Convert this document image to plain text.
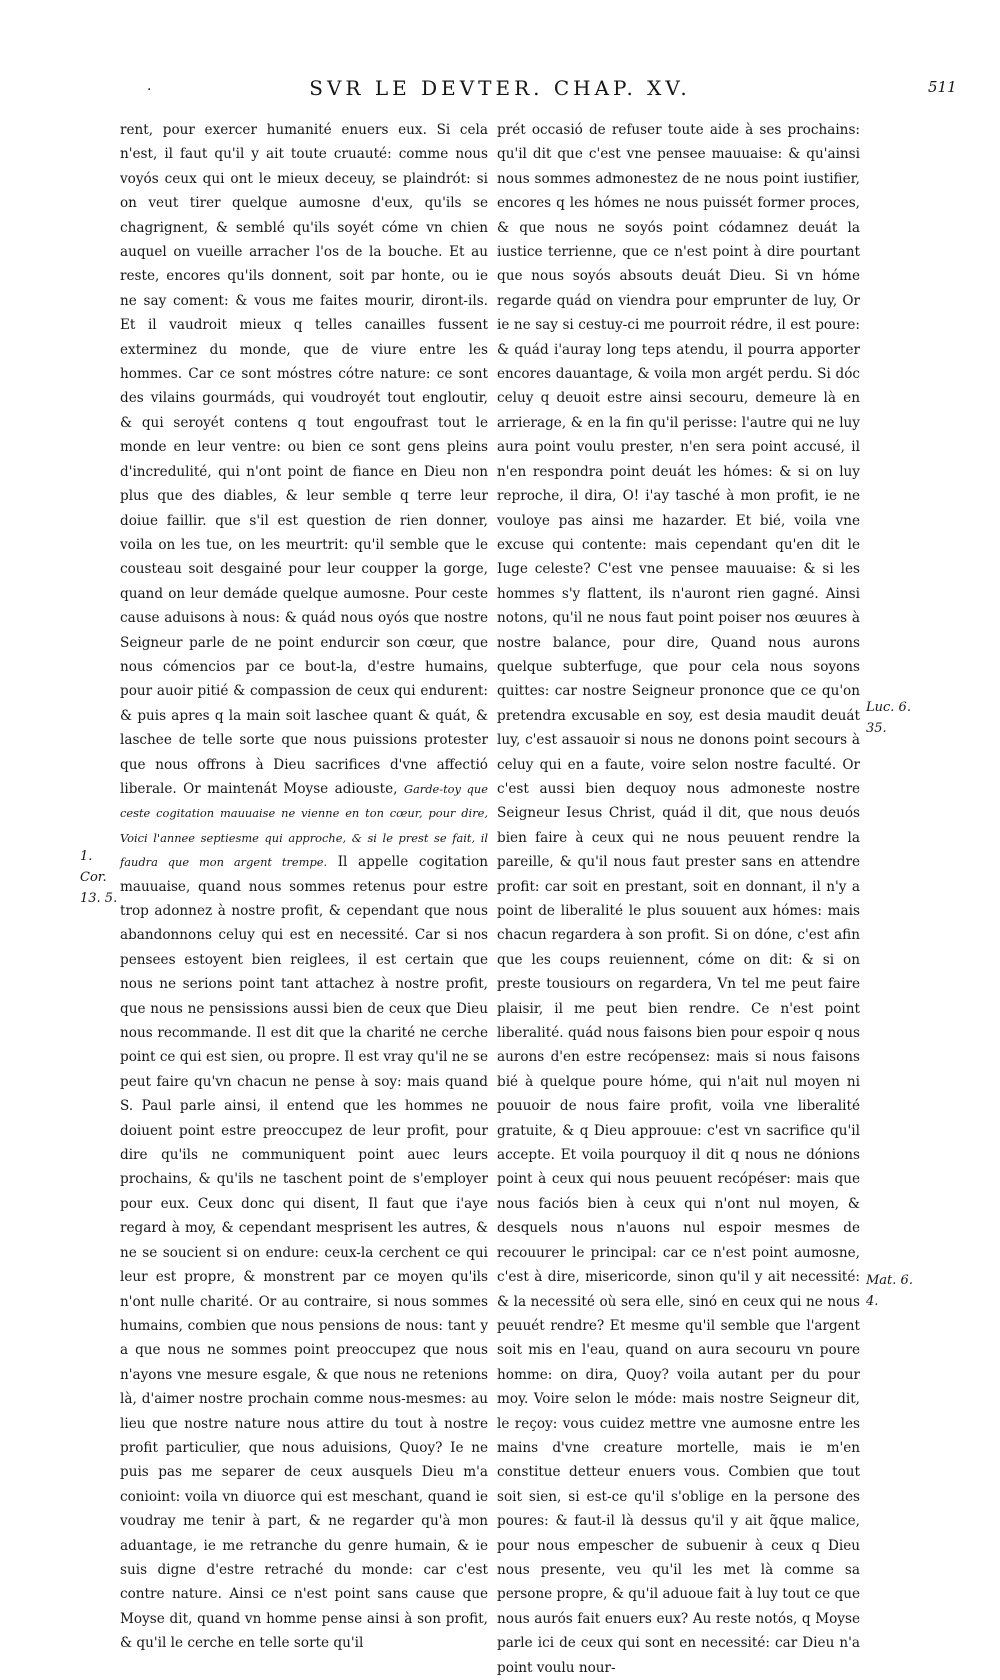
·	SVR LE DEVTER. CHAP. XV.	511

rent, pour exercer humanité enuers eux. Si cela n'est, il faut qu'il y ait toute cruauté: comme nous voyós ceux qui ont le mieux deceuy, se plaindrót: si on veut tirer quelque aumosne d'eux, qu'ils se chagrignent, & semblé qu'ils soyét cóme vn chien auquel on vueille arracher l'os de la bouche. Et au reste, encores qu'ils donnent, soit par honte, ou ie ne say coment: & vous me faites mourir, diront-ils. Et il vaudroit mieux q telles canailles fussent exterminez du monde, que de viure entre les hommes. Car ce sont móstres cótre nature: ce sont des vilains gourmáds, qui voudroyét tout engloutir, & qui seroyét contens q tout engoufrast tout le monde en leur ventre: ou bien ce sont gens pleins d'incredulité, qui n'ont point de fiance en Dieu non plus que des diables, & leur semble q terre leur doiue faillir. que s'il est question de rien donner, voila on les tue, on les meurtrit: qu'il semble que le cousteau soit desgainé pour leur coupper la gorge, quand on leur demáde quelque aumosne. Pour ceste cause aduisons à nous: & quád nous oyós que nostre Seigneur parle de ne point endurcir son cœur, que nous cómencios par ce bout-la, d'estre humains, pour auoir pitié & compassion de ceux qui endurent: & puis apres q la main soit laschee quant & quát, & laschee de telle sorte que nous puissions protester que nous offrons à Dieu sacrifices d'vne affectió liberale. Or maintenát Moyse adiouste, Garde-toy que ceste cogitation mauuaise ne vienne en ton cœur, pour dire, Voici l'annee septiesme qui approche, & si le prest se fait, il faudra que mon argent trempe. Il appelle cogitation mauuaise, quand nous sommes retenus pour estre trop adonnez à nostre profit, & cependant que nous abandonnons celuy qui est en necessité. Car si nos pensees estoyent bien reiglees, il est certain que nous ne serions point tant attachez à nostre profit, que nous ne pensissions aussi bien de ceux que Dieu nous recommande. Il est dit que la charité ne cerche point ce qui est sien, ou propre. Il est vray qu'il ne se peut faire qu'vn chacun ne pense à soy: mais quand S. Paul parle ainsi, il entend que les hommes ne doiuent point estre preoccupez de leur profit, pour dire qu'ils ne communiquent point auec leurs prochains, & qu'ils ne taschent point de s'employer pour eux. Ceux donc qui disent, Il faut que i'aye regard à moy, & cependant mesprisent les autres, & ne se soucient si on endure: ceux-la cerchent ce qui leur est propre, & monstrent par ce moyen qu'ils n'ont nulle charité. Or au contraire, si nous sommes humains, combien que nous pensions de nous: tant y a que nous ne sommes point preoccupez que nous n'ayons vne mesure esgale, & que nous ne retenions là, d'aimer nostre prochain comme nous-mesmes: au lieu que nostre nature nous attire du tout à nostre profit particulier, que nous aduisions, Quoy? Ie ne puis pas me separer de ceux ausquels Dieu m'a conioint: voila vn diuorce qui est meschant, quand ie voudray me tenir à part, & ne regarder qu'à mon aduantage, ie me retranche du genre humain, & ie suis digne d'estre retraché du monde: car c'est contre nature. Ainsi ce n'est point sans cause que Moyse dit, quand vn homme pense ainsi à son profit, & qu'il le cerche en telle sorte qu'il

prét occasió de refuser toute aide à ses prochains: qu'il dit que c'est vne pensee mauuaise: & qu'ainsi nous sommes admonestez de ne nous point iustifier, encores q les hómes ne nous puissét former proces, & que nous ne soyós point códamnez deuát la iustice terrienne, que ce n'est point à dire pourtant que nous soyós absouts deuát Dieu. Si vn hóme regarde quád on viendra pour emprunter de luy, Or ie ne say si cestuy-ci me pourroit rédre, il est poure: & quád i'auray long teps atendu, il pourra apporter encores dauantage, & voila mon argét perdu. Si dóc celuy q deuoit estre ainsi secouru, demeure là en arrierage, & en la fin qu'il perisse: l'autre qui ne luy aura point voulu prester, n'en sera point accusé, il n'en respondra point deuát les hómes: & si on luy reproche, il dira, O! i'ay tasché à mon profit, ie ne vouloye pas ainsi me hazarder. Et bié, voila vne excuse qui contente: mais cependant qu'en dit le Iuge celeste? C'est vne pensee mauuaise: & si les hommes s'y flattent, ils n'auront rien gagné. Ainsi notons, qu'il ne nous faut point poiser nos œuures à nostre balance, pour dire, Quand nous aurons quelque subterfuge, que pour cela nous soyons quittes: car nostre Seigneur prononce que ce qu'on pretendra excusable en soy, est desia maudit deuát luy, c'est assauoir si nous ne donons point secours à celuy qui en a faute, voire selon nostre faculté. Or c'est aussi bien dequoy nous admoneste nostre Seigneur Iesus Christ, quád il dit, que nous deuós bien faire à ceux qui ne nous peuuent rendre la pareille, & qu'il nous faut prester sans en attendre profit: car soit en prestant, soit en donnant, il n'y a point de liberalité le plus souuent aux hómes: mais chacun regardera à son profit. Si on dóne, c'est afin que les coups reuiennent, cóme on dit: & si on preste tousiours on regardera, Vn tel me peut faire plaisir, il me peut bien rendre. Ce n'est point liberalité. quád nous faisons bien pour espoir q nous aurons d'en estre recópensez: mais si nous faisons bié à quelque poure hóme, qui n'ait nul moyen ni pouuoir de nous faire profit, voila vne liberalité gratuite, & q Dieu approuue: c'est vn sacrifice qu'il accepte. Et voila pourquoy il dit q nous ne dónions point à ceux qui nous peuuent recópéser: mais que nous faciós bien à ceux qui n'ont nul moyen, & desquels nous n'auons nul espoir mesmes de recouurer le principal: car ce n'est point aumosne, c'est à dire, misericorde, sinon qu'il y ait necessité: & la necessité où sera elle, sinó en ceux qui ne nous peuuét rendre? Et mesme qu'il semble que l'argent soit mis en l'eau, quand on aura secouru vn poure homme: on dira, Quoy? voila autant per du pour moy. Voire selon le móde: mais nostre Seigneur dit, le reçoy: vous cuidez mettre vne aumosne entre les mains d'vne creature mortelle, mais ie m'en constitue detteur enuers vous. Combien que tout soit sien, si est-ce qu'il s'oblige en la persone des poures: & faut-il là dessus qu'il y ait q̃que malice, pour nous empescher de subuenir à ceux q Dieu nous presente, veu qu'il les met là comme sa persone propre, & qu'il aduoue fait à luy tout ce que nous aurós fait enuers eux? Au reste notós, q Moyse parle ici de ceux qui sont en necessité: car Dieu n'a point voulu nour-

1. Cor. 13. 5.
Luc. 6. 35.
Mat. 6. 4.
